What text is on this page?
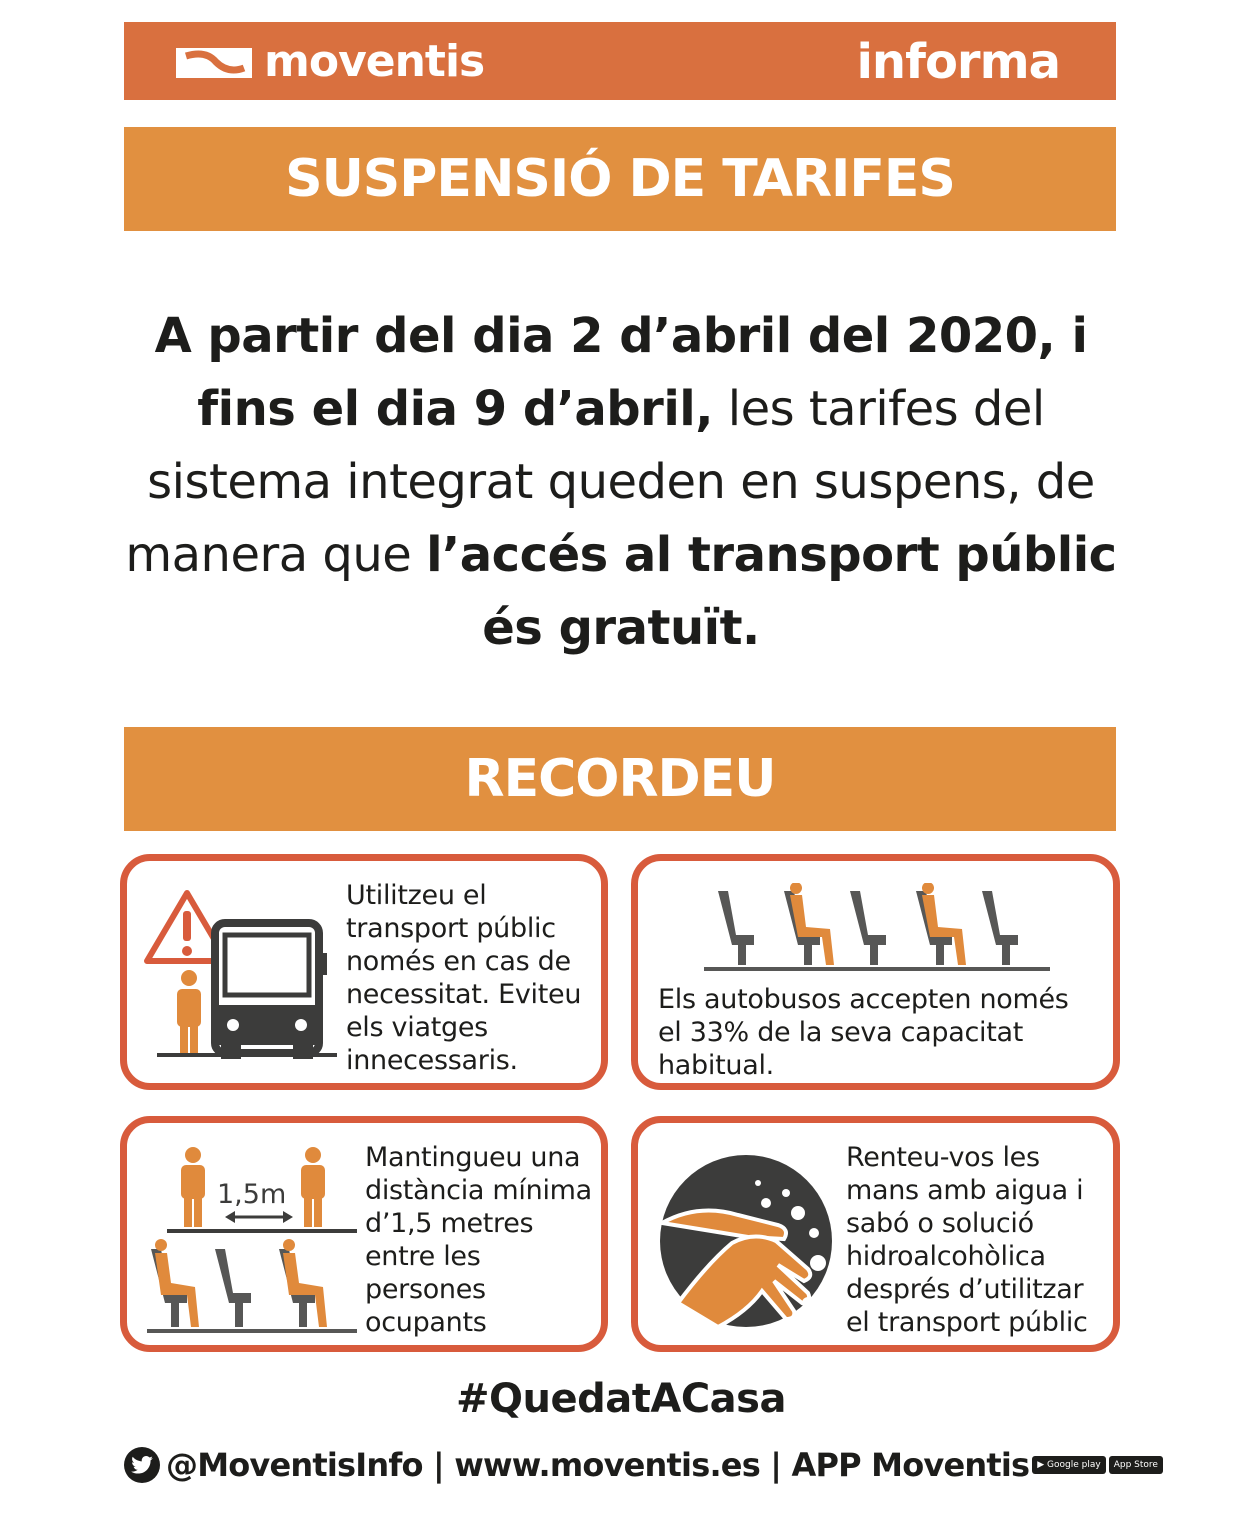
moventis	informa
SUSPENSIÓ DE TARIFES
A partir del dia 2 d’abril del 2020, i fins el dia 9 d’abril, les tarifes del sistema integrat queden en suspens, de manera que l’accés al transport públic és gratuït.
RECORDEU
Utilitzeu el transport públic només en cas de necessitat. Eviteu els viatges innecessaris.
Els autobusos accepten només el 33% de la seva capacitat habitual.
1,5m
Mantingueu una distància mínima d’1,5 metres entre les persones ocupants
Renteu-vos les mans amb aigua i sabó o solució hidroalcohòlica després d’utilitzar el transport públic
#QuedatACasa
@MoventisInfo | www.moventis.es | APP Moventis ▶ Google play	App Store
